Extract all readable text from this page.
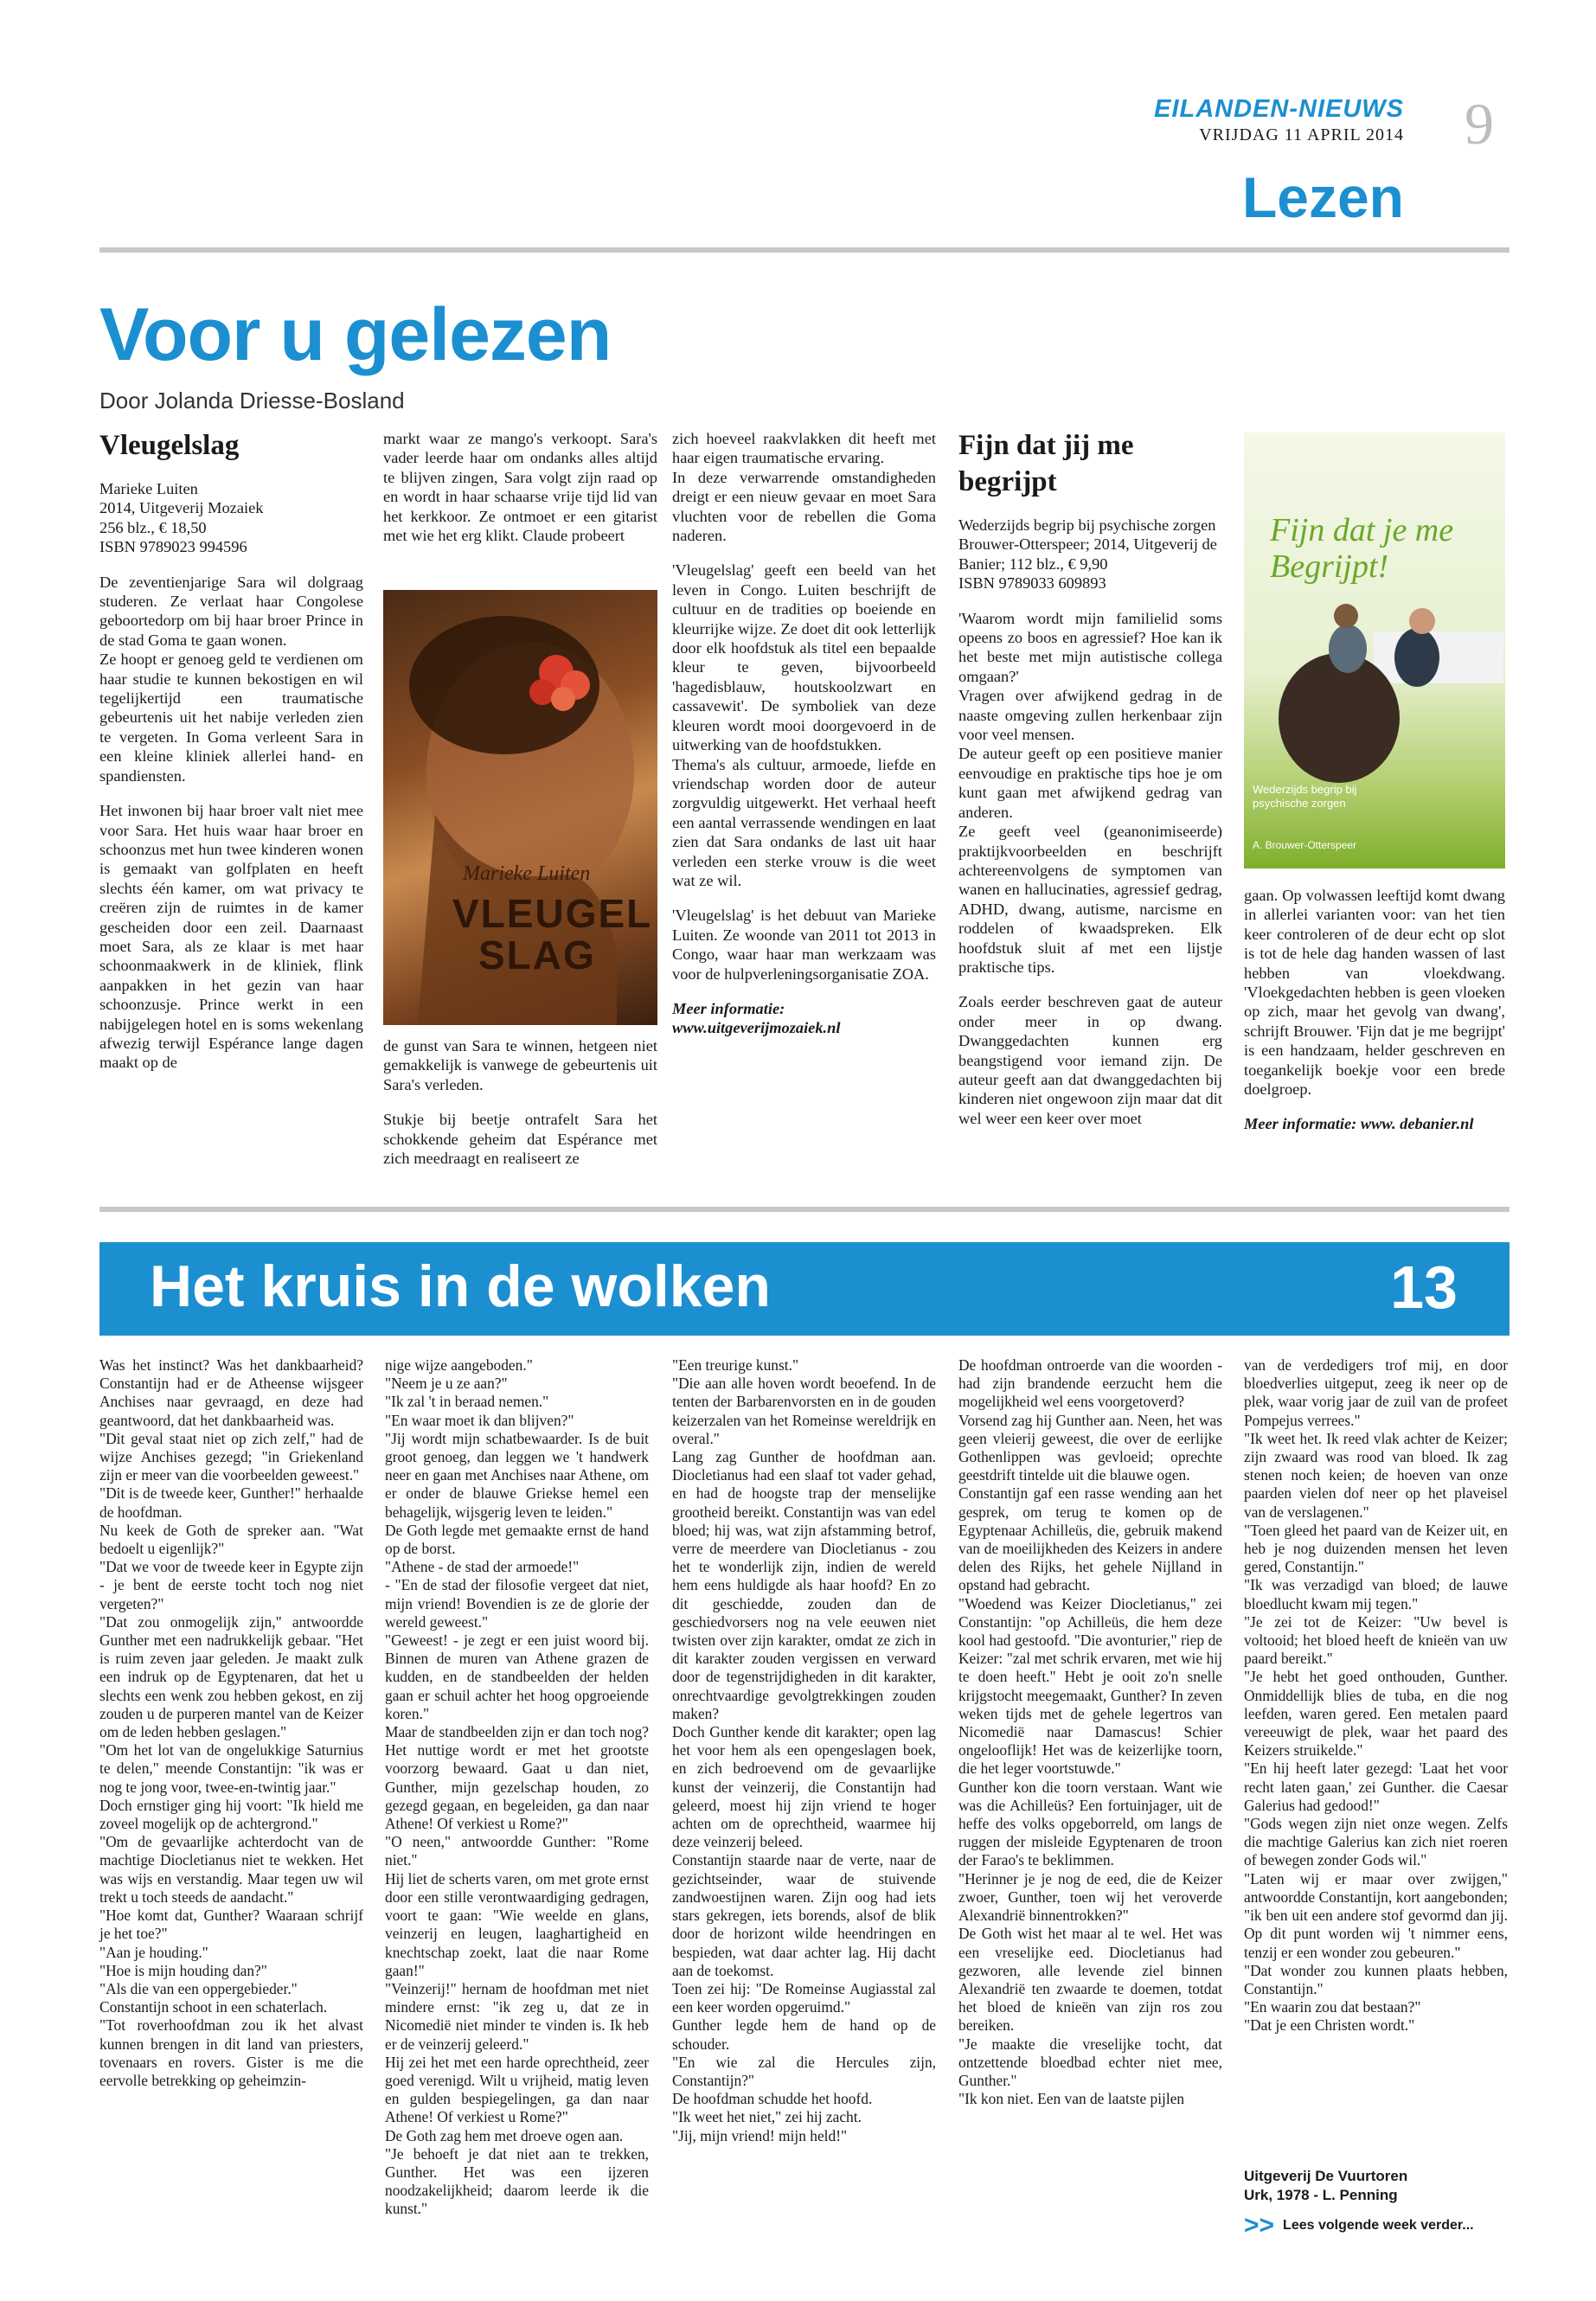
EILANDEN-NIEUWS
VRIJDAG 11 APRIL 2014 9
Lezen
Voor u gelezen
Door Jolanda Driesse-Bosland
Vleugelslag

Marieke Luiten

2014, Uitgeverij Mozaiek

256 blz., € 18,50

ISBN 9789023 994596

De zeventienjarige Sara wil dolgraag studeren. Ze verlaat haar Congolese geboortedorp om bij haar broer Prince in de stad Goma te gaan wonen.

Ze hoopt er genoeg geld te verdienen om haar studie te kunnen bekostigen en wil tegelijkertijd een traumatische gebeurtenis uit het nabije verleden zien te vergeten. In Goma verleent Sara in een kleine kliniek allerlei hand- en spandiensten.

Het inwonen bij haar broer valt niet mee voor Sara. Het huis waar haar broer en schoonzus met hun twee kinderen wonen is gemaakt van golfplaten en heeft slechts één kamer, om wat privacy te creëren zijn de ruimtes in de kamer gescheiden door een zeil. Daarnaast moet Sara, als ze klaar is met haar schoonmaakwerk in de kliniek, flink aanpakken in het gezin van haar schoonzusje. Prince werkt in een nabijgelegen hotel en is soms wekenlang afwezig terwijl Espérance lange dagen maakt op de

markt waar ze mango's verkoopt. Sara's vader leerde haar om ondanks alles altijd te blijven zingen, Sara volgt zijn raad op en wordt in haar schaarse vrije tijd lid van het kerkkoor. Ze ontmoet er een gitarist met wie het erg klikt. Claude probeert

Marieke Luiten
VLEUGEL
SLAG

de gunst van Sara te winnen, hetgeen niet gemakkelijk is vanwege de gebeurtenis uit Sara's verleden.

Stukje bij beetje ontrafelt Sara het schokkende geheim dat Espérance met zich meedraagt en realiseert ze

zich hoeveel raakvlakken dit heeft met haar eigen traumatische ervaring.

In deze verwarrende omstandigheden dreigt er een nieuw gevaar en moet Sara vluchten voor de rebellen die Goma naderen.

'Vleugelslag' geeft een beeld van het leven in Congo. Luiten beschrijft de cultuur en de tradities op boeiende en kleurrijke wijze. Ze doet dit ook letterlijk door elk hoofdstuk als titel een bepaalde kleur te geven, bijvoorbeeld 'hagedisblauw, houtskoolzwart en cassavewit'. De symboliek van deze kleuren wordt mooi doorgevoerd in de uitwerking van de hoofdstukken.

Thema's als cultuur, armoede, liefde en vriendschap worden door de auteur zorgvuldig uitgewerkt. Het verhaal heeft een aantal verrassende wendingen en laat zien dat Sara ondanks de last uit haar verleden een sterke vrouw is die weet wat ze wil.

'Vleugelslag' is het debuut van Marieke Luiten. Ze woonde van 2011 tot 2013 in Congo, waar haar man werkzaam was voor de hulpverleningsorganisatie ZOA.

Meer informatie:

www.uitgeverijmozaiek.nl

Fijn dat jij me begrijpt

Wederzijds begrip bij psychische zorgen

Brouwer-Otterspeer; 2014, Uitgeverij de Banier; 112 blz., € 9,90

ISBN 9789033 609893

'Waarom wordt mijn familielid soms opeens zo boos en agressief? Hoe kan ik het beste met mijn autistische collega omgaan?'

Vragen over afwijkend gedrag in de naaste omgeving zullen herkenbaar zijn voor veel mensen.

De auteur geeft op een positieve manier eenvoudige en praktische tips hoe je om kunt gaan met afwijkend gedrag van anderen.

Ze geeft veel (geanonimiseerde) praktijkvoorbeelden en beschrijft achtereenvolgens de symptomen van wanen en hallucinaties, agressief gedrag, ADHD, dwang, autisme, narcisme en roddelen of kwaadspreken. Elk hoofdstuk sluit af met een lijstje praktische tips.

Zoals eerder beschreven gaat de auteur onder meer in op dwang. Dwanggedachten kunnen erg beangstigend voor iemand zijn. De auteur geeft aan dat dwanggedachten bij kinderen niet ongewoon zijn maar dat dit wel weer een keer over moet

Fijn dat je me Begrijpt!
Wederzijds begrip bij psychische zorgen
A. Brouwer-Otterspeer

gaan. Op volwassen leeftijd komt dwang in allerlei varianten voor: van het tien keer controleren of de deur echt op slot is tot de hele dag handen wassen of last hebben van vloekdwang. 'Vloekgedachten hebben is geen vloeken op zich, maar het gevolg van dwang', schrijft Brouwer. 'Fijn dat je me begrijpt' is een handzaam, helder geschreven en toegankelijk boekje voor een brede doelgroep.

Meer informatie: www. debanier.nl

Het kruis in de wolken	13
Was het instinct? Was het dankbaarheid? Constantijn had er de Atheense wijsgeer Anchises naar gevraagd, en deze had geantwoord, dat het dankbaarheid was.
"Dit geval staat niet op zich zelf," had de wijze Anchises gezegd; "in Griekenland zijn er meer van die voorbeelden geweest."
"Dit is de tweede keer, Gunther!" herhaalde de hoofdman.
Nu keek de Goth de spreker aan. "Wat bedoelt u eigenlijk?"
"Dat we voor de tweede keer in Egypte zijn - je bent de eerste tocht toch nog niet vergeten?"
"Dat zou onmogelijk zijn," antwoordde Gunther met een nadrukkelijk gebaar. "Het is ruim zeven jaar geleden. Je maakt zulk een indruk op de Egyptenaren, dat het u slechts een wenk zou hebben gekost, en zij zouden u de purperen mantel van de Keizer om de leden hebben geslagen."
"Om het lot van de ongelukkige Saturnius te delen," meende Constantijn: "ik was er nog te jong voor, twee-en-twintig jaar."
Doch ernstiger ging hij voort: "Ik hield me zoveel mogelijk op de achtergrond."
"Om de gevaarlijke achterdocht van de machtige Diocletianus niet te wekken. Het was wijs en verstandig. Maar tegen uw wil trekt u toch steeds de aandacht."
"Hoe komt dat, Gunther? Waaraan schrijf je het toe?"
"Aan je houding."
"Hoe is mijn houding dan?"
"Als die van een oppergebieder."
Constantijn schoot in een schaterlach.
"Tot roverhoofdman zou ik het alvast kunnen brengen in dit land van priesters, tovenaars en rovers. Gister is me die eervolle betrekking op geheimzin-
nige wijze aangeboden."
"Neem je u ze aan?"
"Ik zal 't in beraad nemen."
"En waar moet ik dan blijven?"
"Jij wordt mijn schatbewaarder. Is de buit groot genoeg, dan leggen we 't handwerk neer en gaan met Anchises naar Athene, om er onder de blauwe Griekse hemel een behagelijk, wijsgerig leven te leiden."
De Goth legde met gemaakte ernst de hand op de borst.
"Athene - de stad der armoede!"
- "En de stad der filosofie vergeet dat niet, mijn vriend! Bovendien is ze de glorie der wereld geweest."
"Geweest! - je zegt er een juist woord bij. Binnen de muren van Athene grazen de kudden, en de standbeelden der helden gaan er schuil achter het hoog opgroeiende koren."
Maar de standbeelden zijn er dan toch nog? Het nuttige wordt er met het grootste voorzorg bewaard. Gaat u dan niet, Gunther, mijn gezelschap houden, zo gezegd gegaan, en begeleiden, ga dan naar Athene! Of verkiest u Rome?"
"O neen," antwoordde Gunther: "Rome niet."
Hij liet de scherts varen, om met grote ernst door een stille verontwaardiging gedragen, voort te gaan: "Wie weelde en glans, veinzerij en leugen, laaghartigheid en knechtschap zoekt, laat die naar Rome gaan!"
"Veinzerij!" hernam de hoofdman met niet mindere ernst: "ik zeg u, dat ze in Nicomedië niet minder te vinden is. Ik heb er de veinzerij geleerd."
Hij zei het met een harde oprechtheid, zeer goed verenigd. Wilt u vrijheid, matig leven en gulden bespiegelingen, ga dan naar Athene! Of verkiest u Rome?"
De Goth zag hem met droeve ogen aan.
"Je behoeft je dat niet aan te trekken, Gunther. Het was een ijzeren noodzakelijkheid; daarom leerde ik die kunst."
"Een treurige kunst."
"Die aan alle hoven wordt beoefend. In de tenten der Barbarenvorsten en in de gouden keizerzalen van het Romeinse wereldrijk en overal."
Lang zag Gunther de hoofdman aan. Diocletianus had een slaaf tot vader gehad, en had de hoogste trap der menselijke grootheid bereikt. Constantijn was van edel bloed; hij was, wat zijn afstamming betrof, verre de meerdere van Diocletianus - zou het te wonderlijk zijn, indien de wereld hem eens huldigde als haar hoofd? En zo dit geschiedde, zouden dan de geschiedvorsers nog na vele eeuwen niet twisten over zijn karakter, omdat ze zich in dit karakter zouden vergissen en verward door de tegenstrijdigheden in dit karakter, onrechtvaardige gevolgtrekkingen zouden maken?
Doch Gunther kende dit karakter; open lag het voor hem als een opengeslagen boek, en zich bedroevend om de gevaarlijke kunst der veinzerij, die Constantijn had geleerd, moest hij zijn vriend te hoger achten om de oprechtheid, waarmee hij deze veinzerij beleed.
Constantijn staarde naar de verte, naar de gezichtseinder, waar de stuivende zandwoestijnen waren. Zijn oog had iets stars gekregen, iets borends, alsof de blik door de horizont wilde heendringen en bespieden, wat daar achter lag. Hij dacht aan de toekomst.
Toen zei hij: "De Romeinse Augiasstal zal een keer worden opgeruimd."
Gunther legde hem de hand op de schouder.
"En wie zal die Hercules zijn, Constantijn?"
De hoofdman schudde het hoofd.
"Ik weet het niet," zei hij zacht.
"Jij, mijn vriend! mijn held!"
De hoofdman ontroerde van die woorden - had zijn brandende eerzucht hem die mogelijkheid wel eens voorgetoverd?
Vorsend zag hij Gunther aan. Neen, het was geen vleierij geweest, die over de eerlijke Gothenlippen was gevloeid; oprechte geestdrift tintelde uit die blauwe ogen.
Constantijn gaf een rasse wending aan het gesprek, om terug te komen op de Egyptenaar Achilleüs, die, gebruik makend van de moeilijkheden des Keizers in andere delen des Rijks, het gehele Nijlland in opstand had gebracht.
"Woedend was Keizer Diocletianus," zei Constantijn: "op Achilleüs, die hem deze kool had gestoofd. "Die avonturier," riep de Keizer: "zal met schrik ervaren, met wie hij te doen heeft." Hebt je ooit zo'n snelle krijgstocht meegemaakt, Gunther? In zeven weken tijds met de gehele legertros van Nicomedië naar Damascus! Schier ongelooflijk! Het was de keizerlijke toorn, die het leger voortstuwde."
Gunther kon die toorn verstaan. Want wie was die Achilleüs? Een fortuinjager, uit de heffe des volks opgeborreld, om langs de ruggen der misleide Egyptenaren de troon der Farao's te beklimmen.
"Herinner je je nog de eed, die de Keizer zwoer, Gunther, toen wij het veroverde Alexandrië binnentrokken?"
De Goth wist het maar al te wel. Het was een vreselijke eed. Diocletianus had gezworen, alle levende ziel binnen Alexandrië ten zwaarde te doemen, totdat het bloed de knieën van zijn ros zou bereiken.
"Je maakte die vreselijke tocht, dat ontzettende bloedbad echter niet mee, Gunther."
"Ik kon niet. Een van de laatste pijlen
van de verdedigers trof mij, en door bloedverlies uitgeput, zeeg ik neer op de plek, waar vorig jaar de zuil van de profeet Pompejus verrees."
"Ik weet het. Ik reed vlak achter de Keizer; zijn zwaard was rood van bloed. Ik zag stenen noch keien; de hoeven van onze paarden vielen dof neer op het plaveisel van de verslagenen."
"Toen gleed het paard van de Keizer uit, en heb je nog duizenden mensen het leven gered, Constantijn."
"Ik was verzadigd van bloed; de lauwe bloedlucht kwam mij tegen."
"Je zei tot de Keizer: "Uw bevel is voltooid; het bloed heeft de knieën van uw paard bereikt."
"Je hebt het goed onthouden, Gunther. Onmiddellijk blies de tuba, en die nog leefden, waren gered. Een metalen paard vereeuwigt de plek, waar het paard des Keizers struikelde."
"En hij heeft later gezegd: 'Laat het voor recht laten gaan,' zei Gunther. die Caesar Galerius had gedood!"
"Gods wegen zijn niet onze wegen. Zelfs die machtige Galerius kan zich niet roeren of bewegen zonder Gods wil."
"Laten wij er maar over zwijgen," antwoordde Constantijn, kort aangebonden; "ik ben uit een andere stof gevormd dan jij. Op dit punt worden wij 't nimmer eens, tenzij er een wonder zou gebeuren."
"Dat wonder zou kunnen plaats hebben, Constantijn."
"En waarin zou dat bestaan?"
"Dat je een Christen wordt."
Uitgeverij De Vuurtoren
Urk, 1978 - L. Penning
>> Lees volgende week verder...
